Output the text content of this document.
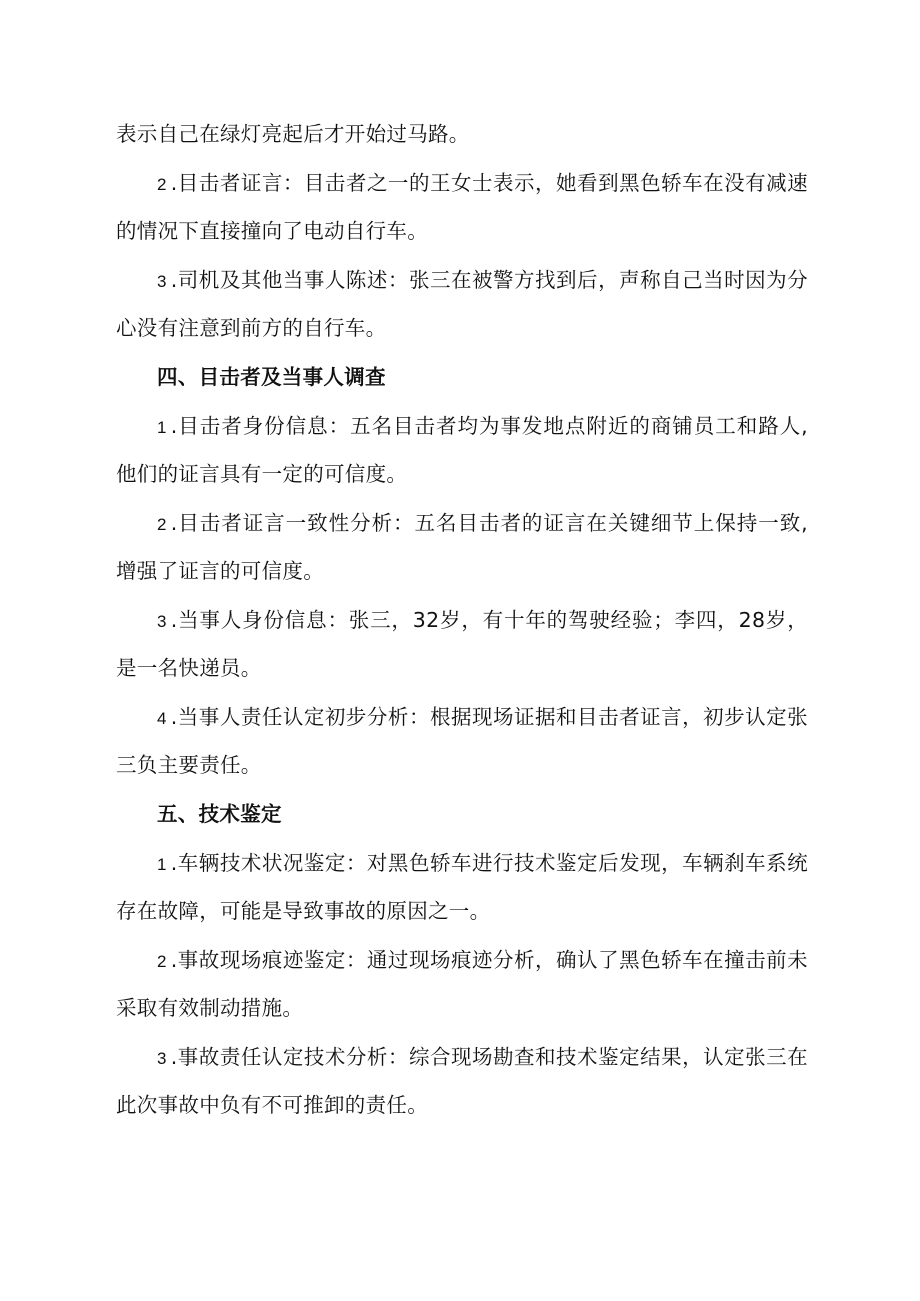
表示自己在绿灯亮起后才开始过马路。

2 .目击者证言：目击者之一的王女士表示，她看到黑色轿车在没有减速的情况下直接撞向了电动自行车。

3 .司机及其他当事人陈述：张三在被警方找到后，声称自己当时因为分心没有注意到前方的自行车。

四、目击者及当事人调查

1 .目击者身份信息：五名目击者均为事发地点附近的商铺员工和路人,他们的证言具有一定的可信度。

2 .目击者证言一致性分析：五名目击者的证言在关键细节上保持一致,增强了证言的可信度。

3 .当事人身份信息：张三，32岁，有十年的驾驶经验；李四，28岁，是一名快递员。

4 .当事人责任认定初步分析：根据现场证据和目击者证言，初步认定张三负主要责任。

五、技术鉴定

1 .车辆技术状况鉴定：对黑色轿车进行技术鉴定后发现，车辆刹车系统存在故障，可能是导致事故的原因之一。

2 .事故现场痕迹鉴定：通过现场痕迹分析，确认了黑色轿车在撞击前未采取有效制动措施。

3 .事故责任认定技术分析：综合现场勘查和技术鉴定结果，认定张三在此次事故中负有不可推卸的责任。
